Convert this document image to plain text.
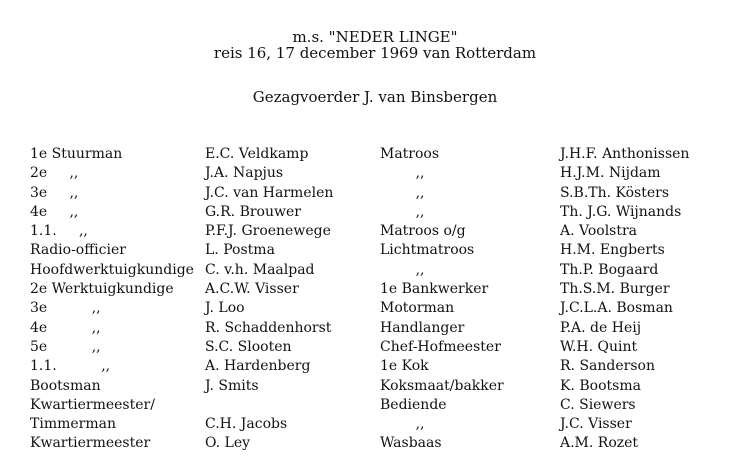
m.s. "NEDER LINGE"
reis 16, 17 december 1969 van Rotterdam
Gezagvoerder J. van Binsbergen
1e Stuurman
2e     ,,
3e     ,,
4e     ,,
1.1.     ,,
Radio-officier
Hoofdwerktuigkundige
2e Werktuigkundige
3e          ,,
4e          ,,
5e          ,,
1.1.          ,,
Bootsman
Kwartiermeester/
Timmerman
Kwartiermeester
E.C. Veldkamp
J.A. Napjus
J.C. van Harmelen
G.R. Brouwer
P.F.J. Groenewege
L. Postma
C. v.h. Maalpad
A.C.W. Visser
J. Loo
R. Schaddenhorst
S.C. Slooten
A. Hardenberg
J. Smits
C.H. Jacobs
O. Ley
Matroos
,,
,,
,,
Matroos o/g
Lichtmatroos
,,
1e Bankwerker
Motorman
Handlanger
Chef-Hofmeester
1e Kok
Koksmaat/bakker
Bediende
,,
Wasbaas
J.H.F. Anthonissen
H.J.M. Nijdam
S.B.Th. Kösters
Th. J.G. Wijnands
A. Voolstra
H.M. Engberts
Th.P. Bogaard
Th.S.M. Burger
J.C.L.A. Bosman
P.A. de Heij
W.H. Quint
R. Sanderson
K. Bootsma
C. Siewers
J.C. Visser
A.M. Rozet
